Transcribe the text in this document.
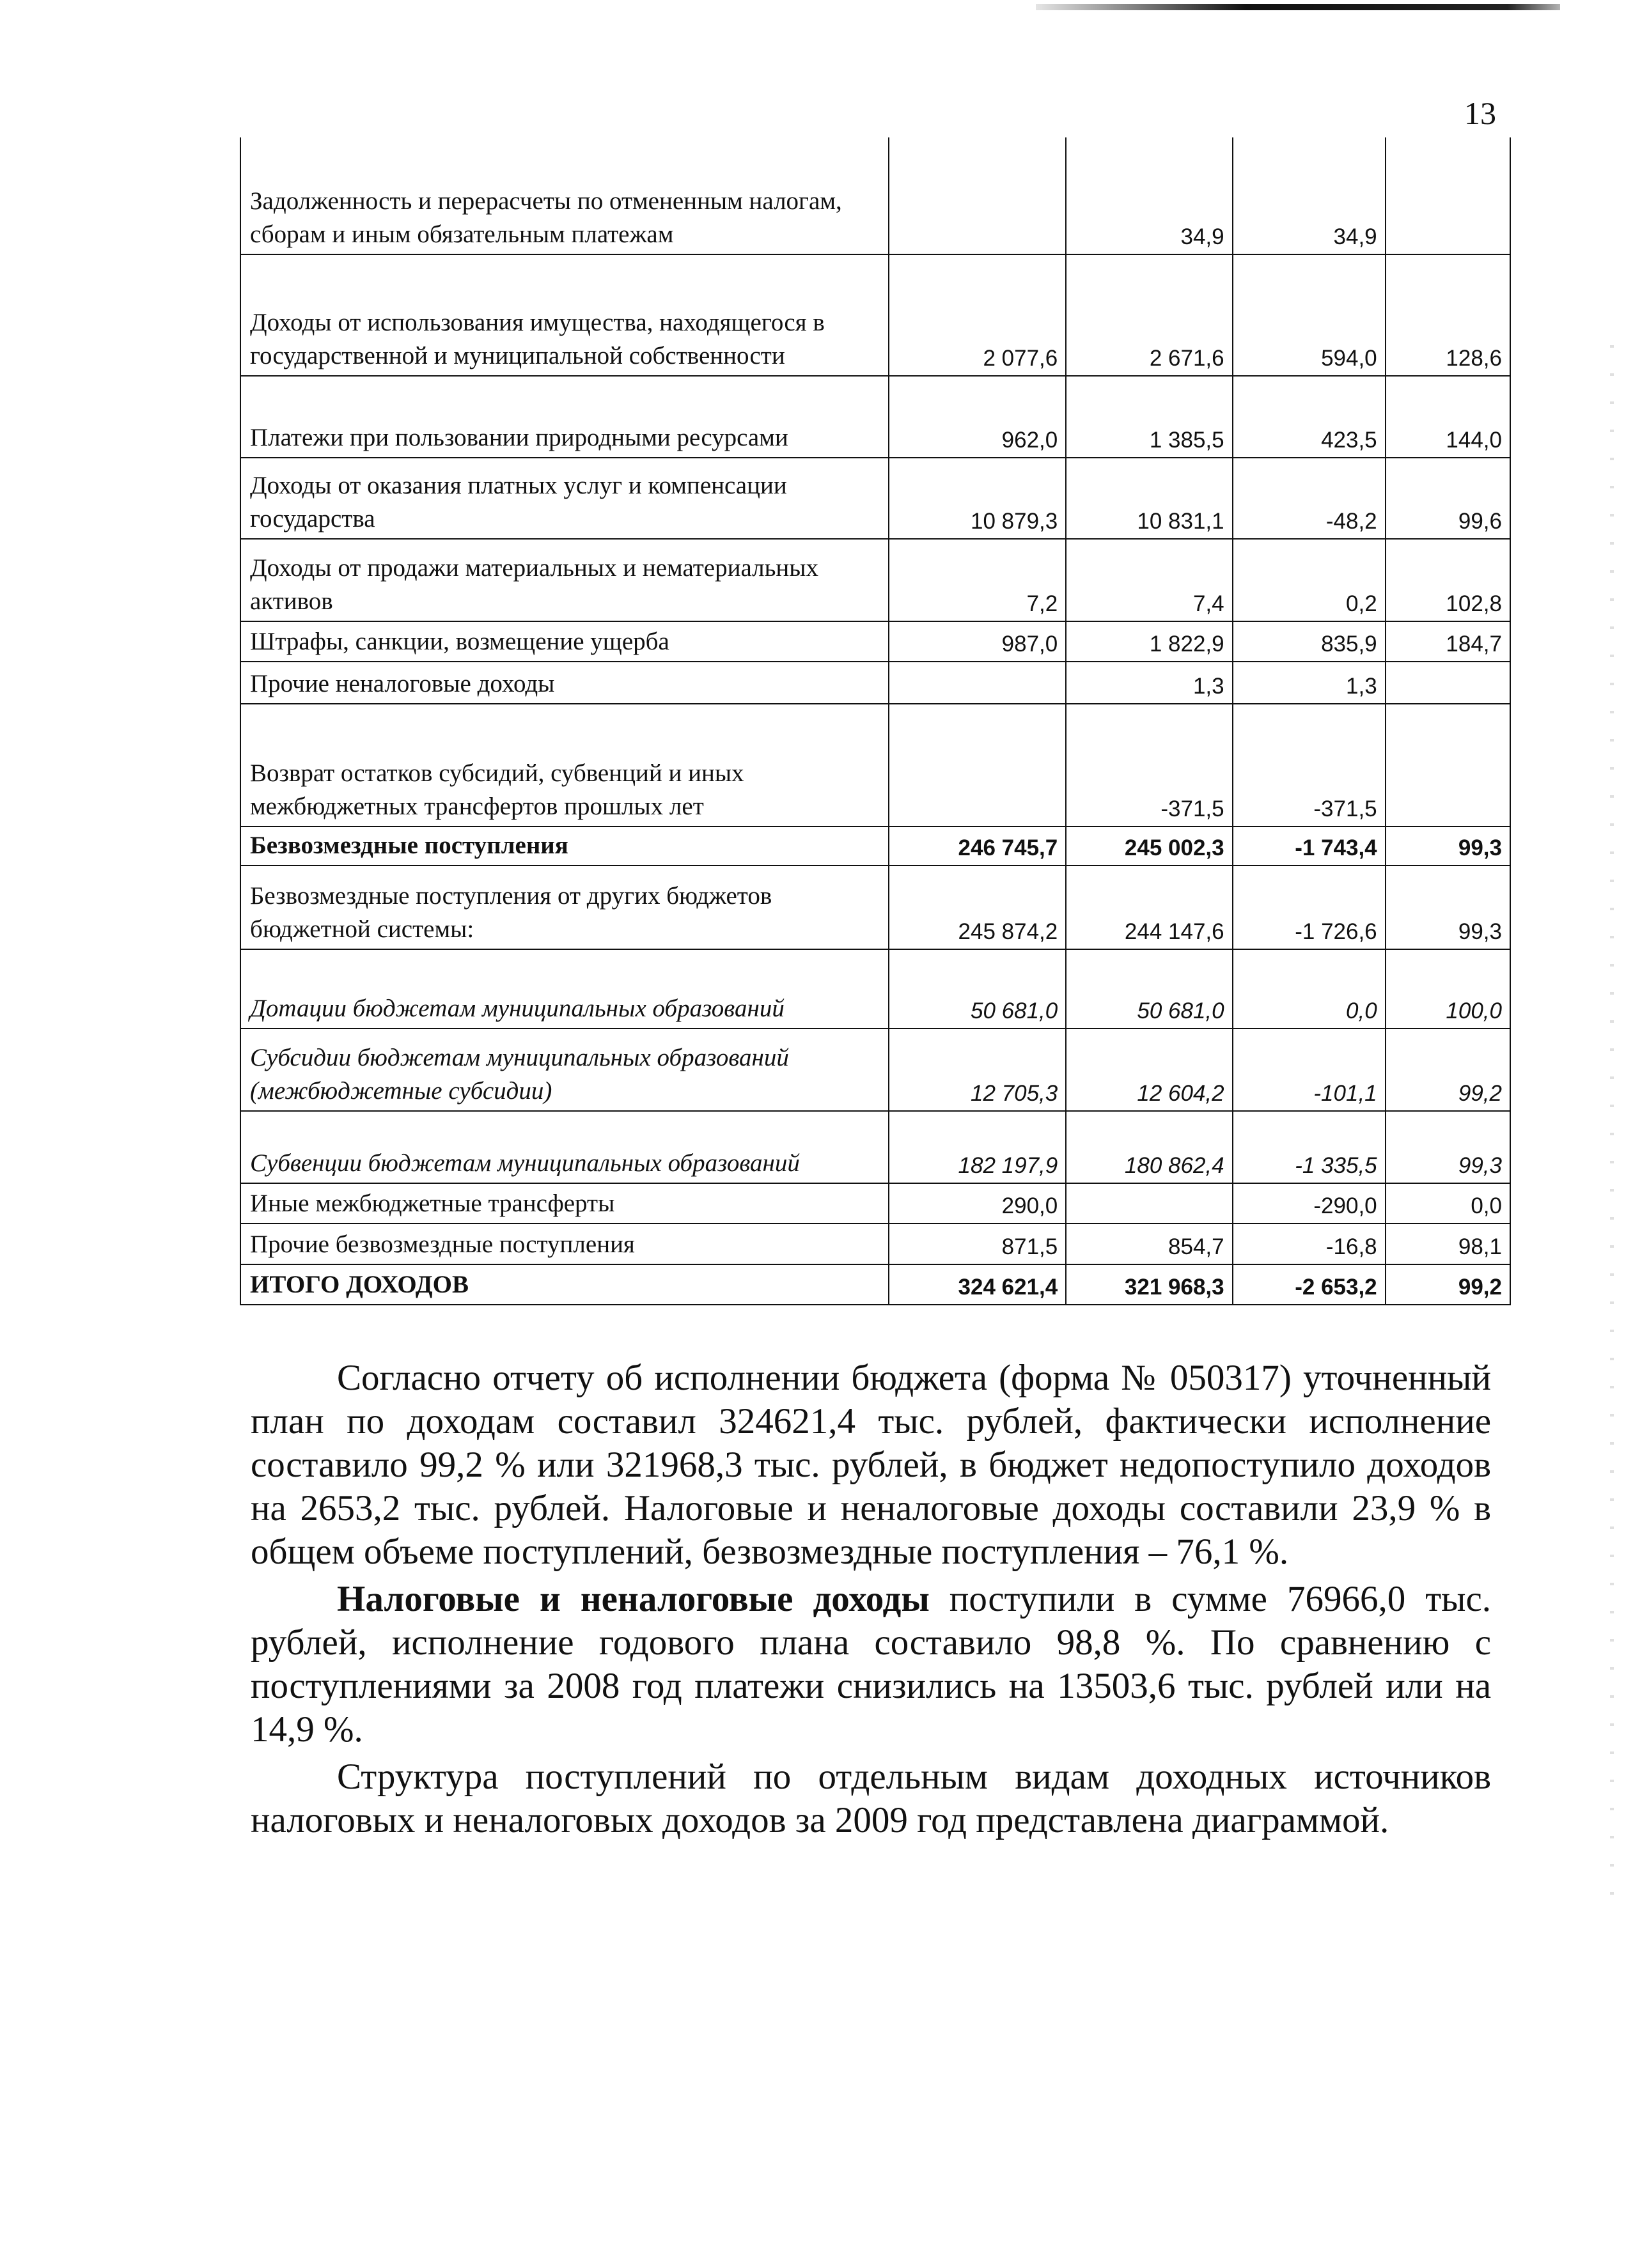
13
Задолженность и перерасчеты по отмененным налогам, сборам и иным обязательным платежам		34,9	34,9	
Доходы от использования имущества, находящегося в государственной и муниципальной собственности	2 077,6	2 671,6	594,0	128,6
Платежи при пользовании природными ресурсами	962,0	1 385,5	423,5	144,0
Доходы от оказания платных услуг и компенсации государства	10 879,3	10 831,1	-48,2	99,6
Доходы от продажи материальных и нематериальных активов	7,2	7,4	0,2	102,8
Штрафы, санкции, возмещение ущерба	987,0	1 822,9	835,9	184,7
Прочие неналоговые доходы		1,3	1,3	
Возврат остатков субсидий, субвенций и иных межбюджетных трансфертов прошлых лет		-371,5	-371,5	
Безвозмездные поступления	246 745,7	245 002,3	-1 743,4	99,3
Безвозмездные поступления от других бюджетов бюджетной системы:	245 874,2	244 147,6	-1 726,6	99,3
Дотации бюджетам муниципальных образований	50 681,0	50 681,0	0,0	100,0
Субсидии бюджетам муниципальных образований (межбюджетные субсидии)	12 705,3	12 604,2	-101,1	99,2
Субвенции бюджетам муниципальных образований	182 197,9	180 862,4	-1 335,5	99,3
Иные межбюджетные трансферты	290,0		-290,0	0,0
Прочие безвозмездные поступления	871,5	854,7	-16,8	98,1
ИТОГО ДОХОДОВ	324 621,4	321 968,3	-2 653,2	99,2

Согласно отчету об исполнении бюджета (форма № 050317) уточненный план по доходам составил 324621,4 тыс. рублей, фактически исполнение составило 99,2 % или 321968,3 тыс. рублей, в бюджет недопоступило доходов на 2653,2 тыс. рублей. Налоговые и неналоговые доходы составили 23,9 % в общем объеме поступлений, безвозмездные поступления – 76,1 %.

Налоговые и неналоговые доходы поступили в сумме 76966,0 тыс. рублей, исполнение годового плана составило 98,8 %. По сравнению с поступлениями за 2008 год платежи снизились на 13503,6 тыс. рублей или на 14,9 %.

Структура поступлений по отдельным видам доходных источников налоговых и неналоговых доходов за 2009 год представлена диаграммой.
